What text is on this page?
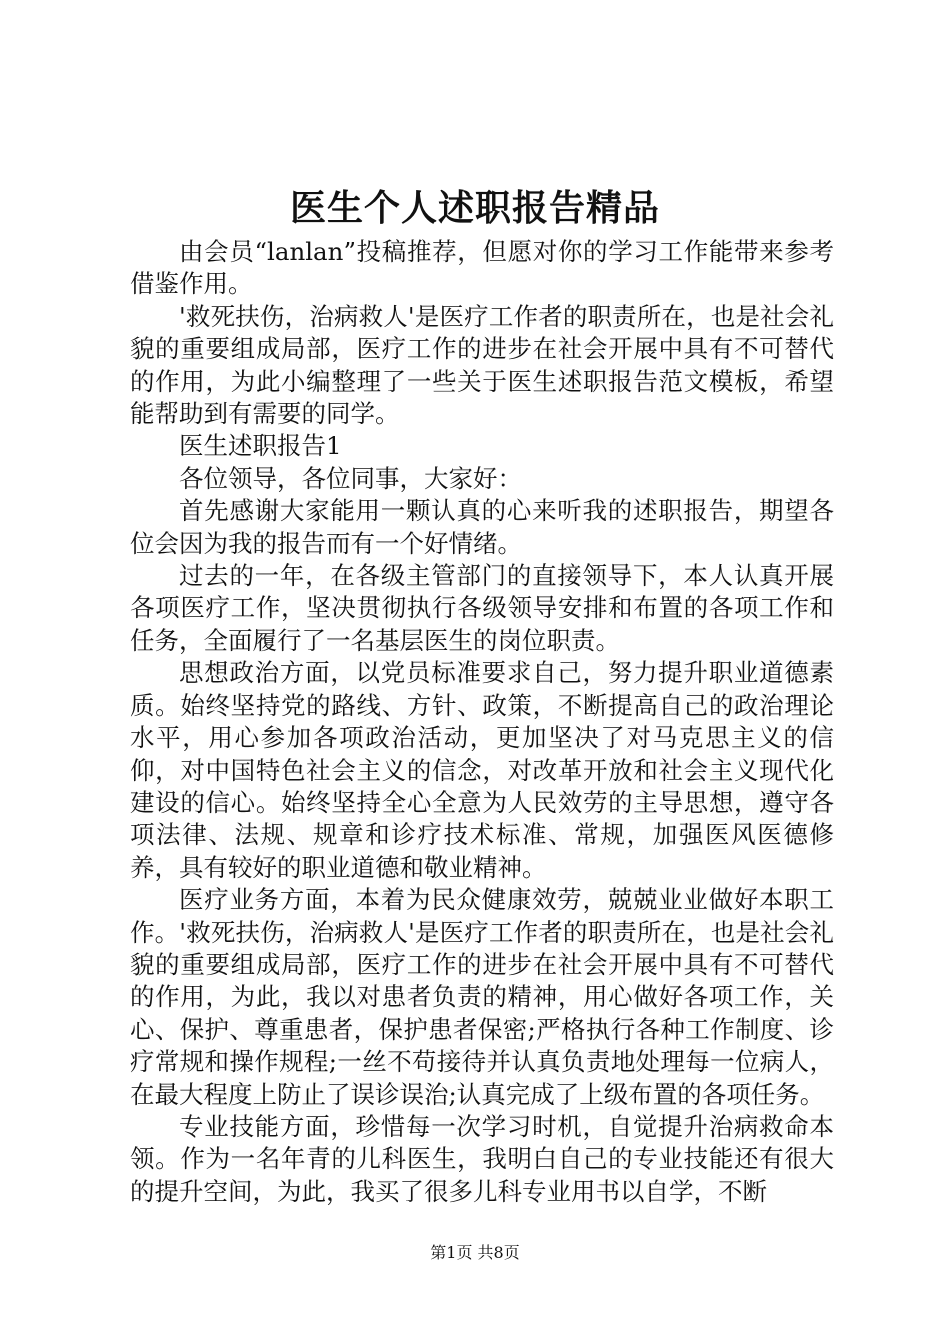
医生个人述职报告精品

由会员“lanlan”投稿推荐，但愿对你的学习工作能带来参考借鉴作用。

'救死扶伤，治病救人'是医疗工作者的职责所在，也是社会礼貌的重要组成局部，医疗工作的进步在社会开展中具有不可替代的作用，为此小编整理了一些关于医生述职报告范文模板，希望能帮助到有需要的同学。

医生述职报告1

各位领导，各位同事，大家好：

首先感谢大家能用一颗认真的心来听我的述职报告，期望各位会因为我的报告而有一个好情绪。

过去的一年，在各级主管部门的直接领导下，本人认真开展各项医疗工作，坚决贯彻执行各级领导安排和布置的各项工作和任务，全面履行了一名基层医生的岗位职责。

思想政治方面，以党员标准要求自己，努力提升职业道德素质。始终坚持党的路线、方针、政策，不断提高自己的政治理论水平，用心参加各项政治活动，更加坚决了对马克思主义的信仰，对中国特色社会主义的信念，对改革开放和社会主义现代化建设的信心。始终坚持全心全意为人民效劳的主导思想，遵守各项法律、法规、规章和诊疗技术标准、常规，加强医风医德修养，具有较好的职业道德和敬业精神。

医疗业务方面，本着为民众健康效劳，兢兢业业做好本职工作。'救死扶伤，治病救人'是医疗工作者的职责所在，也是社会礼貌的重要组成局部，医疗工作的进步在社会开展中具有不可替代的作用，为此，我以对患者负责的精神，用心做好各项工作，关心、保护、尊重患者，保护患者保密;严格执行各种工作制度、诊疗常规和操作规程;一丝不苟接待并认真负责地处理每一位病人，在最大程度上防止了误诊误治;认真完成了上级布置的各项任务。

专业技能方面，珍惜每一次学习时机，自觉提升治病救命本领。作为一名年青的儿科医生，我明白自己的专业技能还有很大的提升空间，为此，我买了很多儿科专业用书以自学，不断

第1页 共8页
